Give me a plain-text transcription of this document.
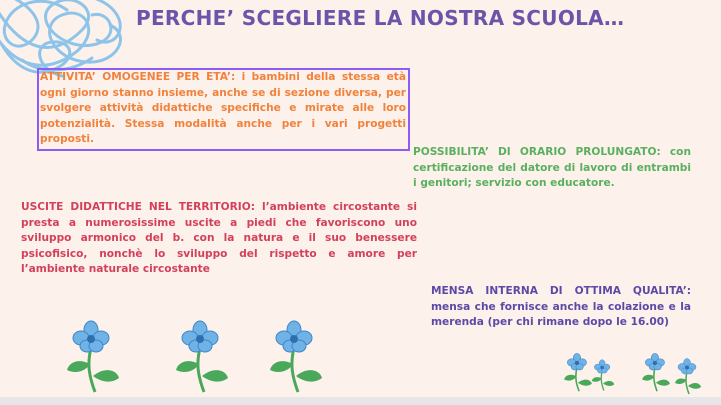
PERCHE’ SCEGLIERE LA NOSTRA SCUOLA…
ATTIVITA’ OMOGENEE PER ETA’: i bambini della stessa età ogni giorno stanno insieme, anche se di sezione diversa, per svolgere attività didattiche specifiche e mirate alle loro potenzialità. Stessa modalità anche per i vari progetti proposti.
POSSIBILITA’ DI ORARIO PROLUNGATO: con certificazione del datore di lavoro di entrambi i genitori; servizio con educatore.
USCITE DIDATTICHE NEL TERRITORIO: l’ambiente circostante si presta a numerosissime uscite a piedi che favoriscono uno sviluppo armonico del b. con la natura e il suo benessere psicofisico, nonchè lo sviluppo del rispetto e amore per l’ambiente naturale circostante
MENSA INTERNA DI OTTIMA QUALITA’: mensa che fornisce anche la colazione e la merenda (per chi rimane dopo le 16.00)
